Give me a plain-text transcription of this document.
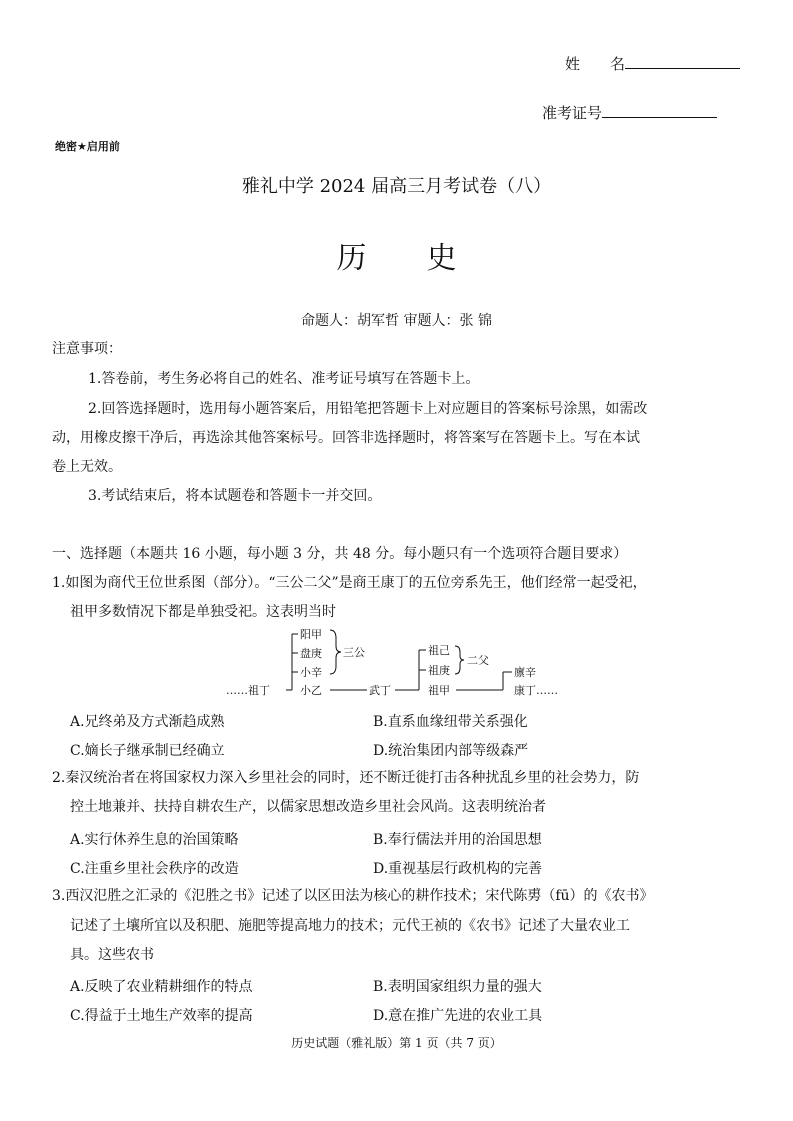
姓　　名
准考证号
绝密★启用前
雅礼中学 2024 届高三月考试卷（八）
历　　史
命题人：胡军哲 审题人：张 锦
注意事项：
1.答卷前，考生务必将自己的姓名、准考证号填写在答题卡上。
2.回答选择题时，选用每小题答案后，用铅笔把答题卡上对应题目的答案标号涂黑，如需改
动，用橡皮擦干净后，再选涂其他答案标号。回答非选择题时，将答案写在答题卡上。写在本试
卷上无效。
3.考试结束后，将本试题卷和答题卡一并交回。
一、选择题（本题共 16 小题，每小题 3 分，共 48 分。每小题只有一个选项符合题目要求）
1.如图为商代王位世系图（部分）。“三公二父”是商王康丁的五位旁系先王，他们经常一起受祀，
祖甲多数情况下都是单独受祀。这表明当时
……祖丁	小乙
阳甲
盘庚
小辛
三公
武丁
祖己
祖庚
祖甲
二父
廪辛
康丁……
A.兄终弟及方式渐趋成熟	B.直系血缘纽带关系强化
C.嫡长子继承制已经确立	D.统治集团内部等级森严
2.秦汉统治者在将国家权力深入乡里社会的同时，还不断迁徙打击各种扰乱乡里的社会势力，防
控土地兼并、扶持自耕农生产，以儒家思想改造乡里社会风尚。这表明统治者
A.实行休养生息的治国策略	B.奉行儒法并用的治国思想
C.注重乡里社会秩序的改造	D.重视基层行政机构的完善
3.西汉氾胜之汇录的《氾胜之书》记述了以区田法为核心的耕作技术；宋代陈旉（fū）的《农书》
记述了土壤所宜以及积肥、施肥等提高地力的技术；元代王祯的《农书》记述了大量农业工
具。这些农书
A.反映了农业精耕细作的特点	B.表明国家组织力量的强大
C.得益于土地生产效率的提高	D.意在推广先进的农业工具
历史试题（雅礼版）第 1 页（共 7 页）
